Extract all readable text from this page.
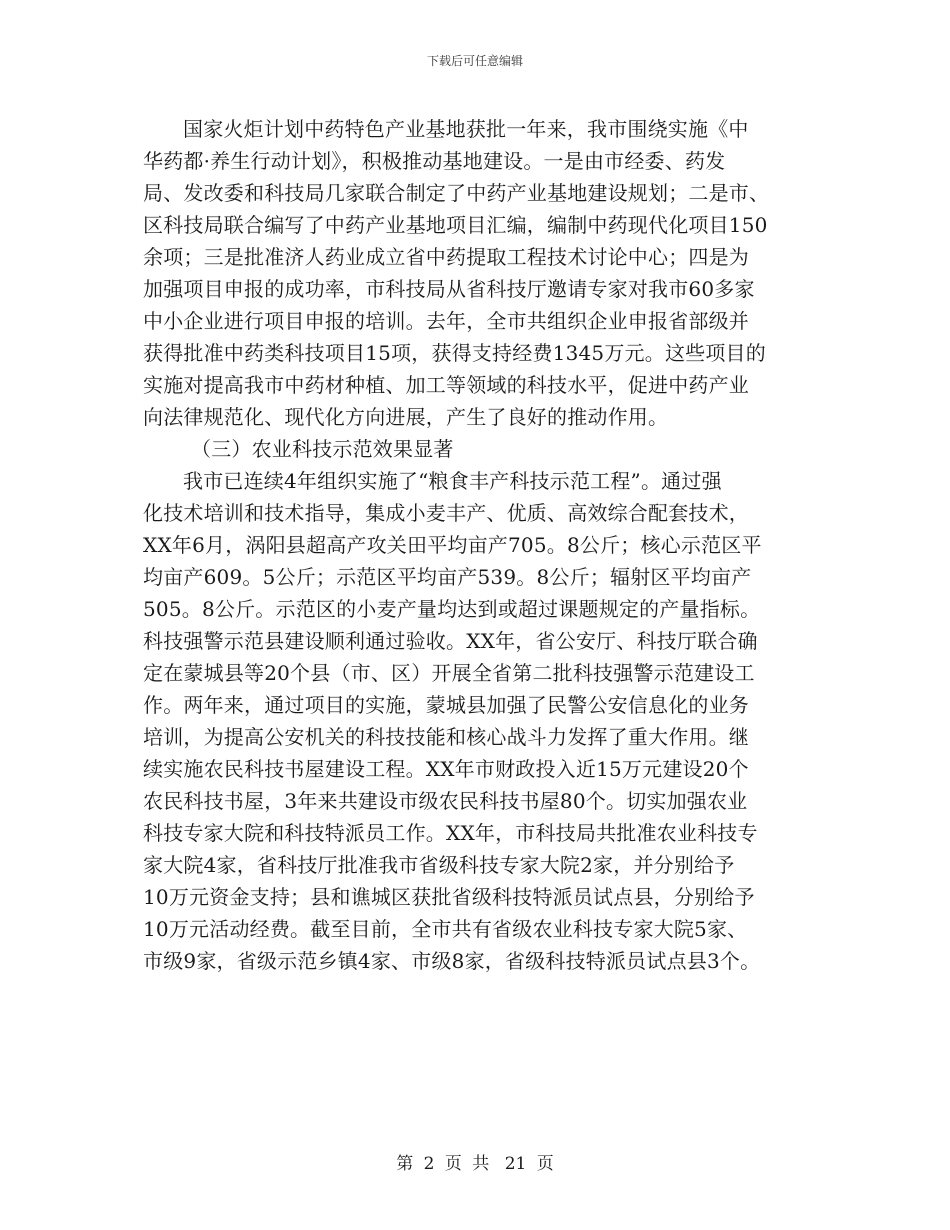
下载后可任意编辑
国家火炬计划中药特色产业基地获批一年来，我市围绕实施《中
华药都·养生行动计划》，积极推动基地建设。一是由市经委、药发
局、发改委和科技局几家联合制定了中药产业基地建设规划；二是市、
区科技局联合编写了中药产业基地项目汇编，编制中药现代化项目150
余项；三是批准济人药业成立省中药提取工程技术讨论中心；四是为
加强项目申报的成功率，市科技局从省科技厅邀请专家对我市60多家
中小企业进行项目申报的培训。去年，全市共组织企业申报省部级并
获得批准中药类科技项目15项，获得支持经费1345万元。这些项目的
实施对提高我市中药材种植、加工等领域的科技水平，促进中药产业
向法律规范化、现代化方向进展，产生了良好的推动作用。
（三）农业科技示范效果显著
我市已连续4年组织实施了“粮食丰产科技示范工程”。通过强
化技术培训和技术指导，集成小麦丰产、优质、高效综合配套技术，
XX年6月，涡阳县超高产攻关田平均亩产705。8公斤；核心示范区平
均亩产609。5公斤；示范区平均亩产539。8公斤；辐射区平均亩产
505。8公斤。示范区的小麦产量均达到或超过课题规定的产量指标。
科技强警示范县建设顺利通过验收。XX年，省公安厅、科技厅联合确
定在蒙城县等20个县（市、区）开展全省第二批科技强警示范建设工
作。两年来，通过项目的实施，蒙城县加强了民警公安信息化的业务
培训，为提高公安机关的科技技能和核心战斗力发挥了重大作用。继
续实施农民科技书屋建设工程。XX年市财政投入近15万元建设20个
农民科技书屋，3年来共建设市级农民科技书屋80个。切实加强农业
科技专家大院和科技特派员工作。XX年，市科技局共批准农业科技专
家大院4家，省科技厅批准我市省级科技专家大院2家，并分别给予
10万元资金支持；县和谯城区获批省级科技特派员试点县，分别给予
10万元活动经费。截至目前，全市共有省级农业科技专家大院5家、
市级9家，省级示范乡镇4家、市级8家，省级科技特派员试点县3个。
第 2 页 共 21 页
